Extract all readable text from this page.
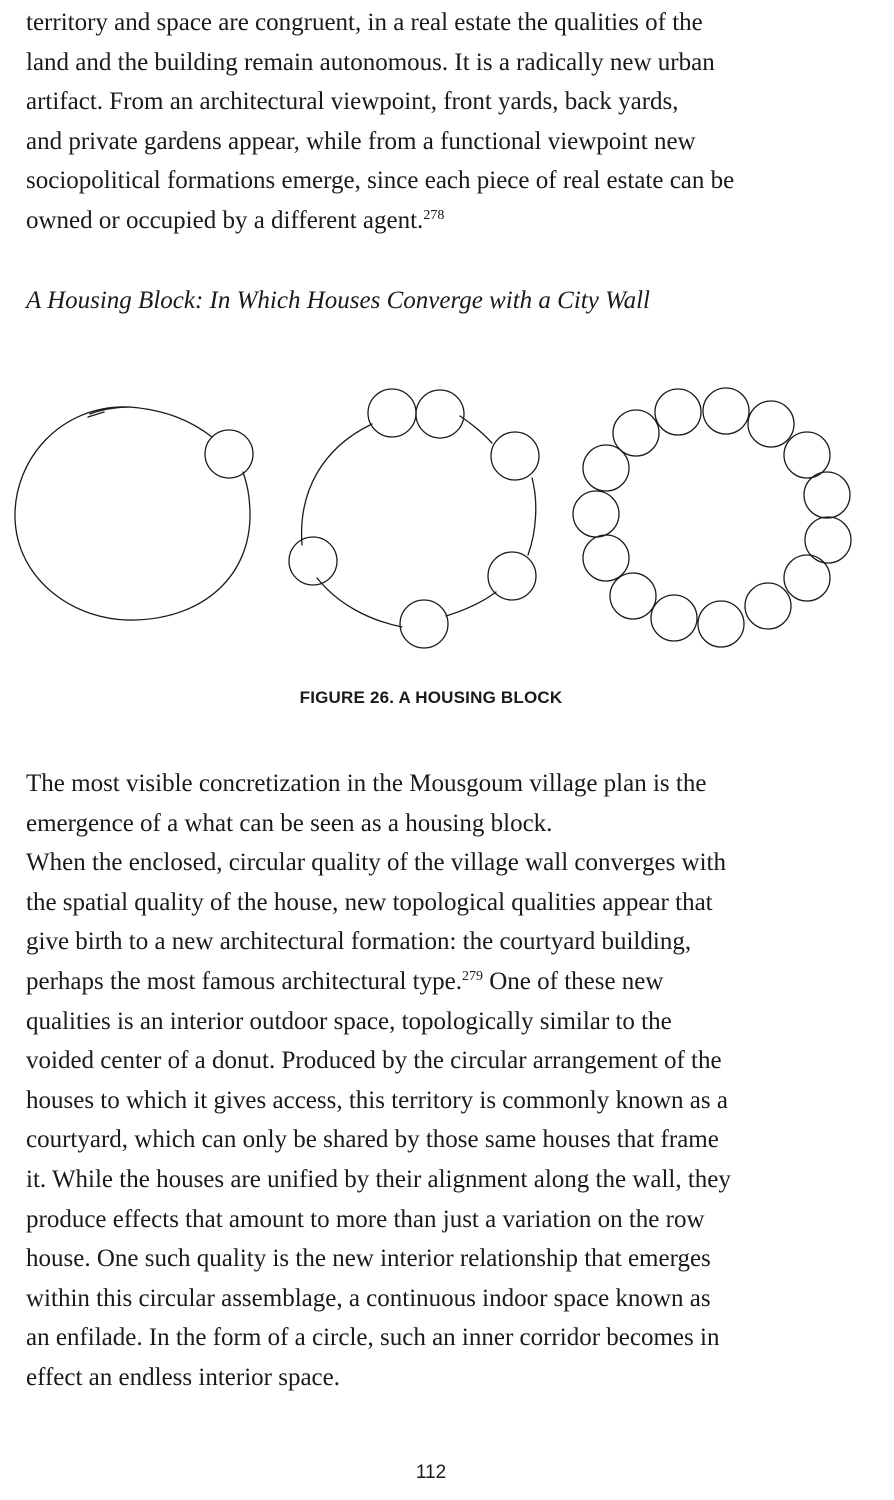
territory and space are congruent, in a real estate the qualities of the
land and the building remain autonomous. It is a radically new urban
artifact. From an architectural viewpoint, front yards, back yards,
and private gardens appear, while from a functional viewpoint new
sociopolitical formations emerge, since each piece of real estate can be
owned or occupied by a different agent.$^{278}$

A Housing Block: In Which Houses Converge with a City Wall

FIGURE 26. A HOUSING BLOCK

The most visible concretization in the Mousgoum village plan is the
emergence of a what can be seen as a housing block.
When the enclosed, circular quality of the village wall converges with
the spatial quality of the house, new topological qualities appear that
give birth to a new architectural formation: the courtyard building,
perhaps the most famous architectural type.$^{279}$ One of these new
qualities is an interior outdoor space, topologically similar to the
voided center of a donut. Produced by the circular arrangement of the
houses to which it gives access, this territory is commonly known as a
courtyard, which can only be shared by those same houses that frame
it. While the houses are unified by their alignment along the wall, they
produce effects that amount to more than just a variation on the row
house. One such quality is the new interior relationship that emerges
within this circular assemblage, a continuous indoor space known as
an enfilade. In the form of a circle, such an inner corridor becomes in
effect an endless interior space.

112
